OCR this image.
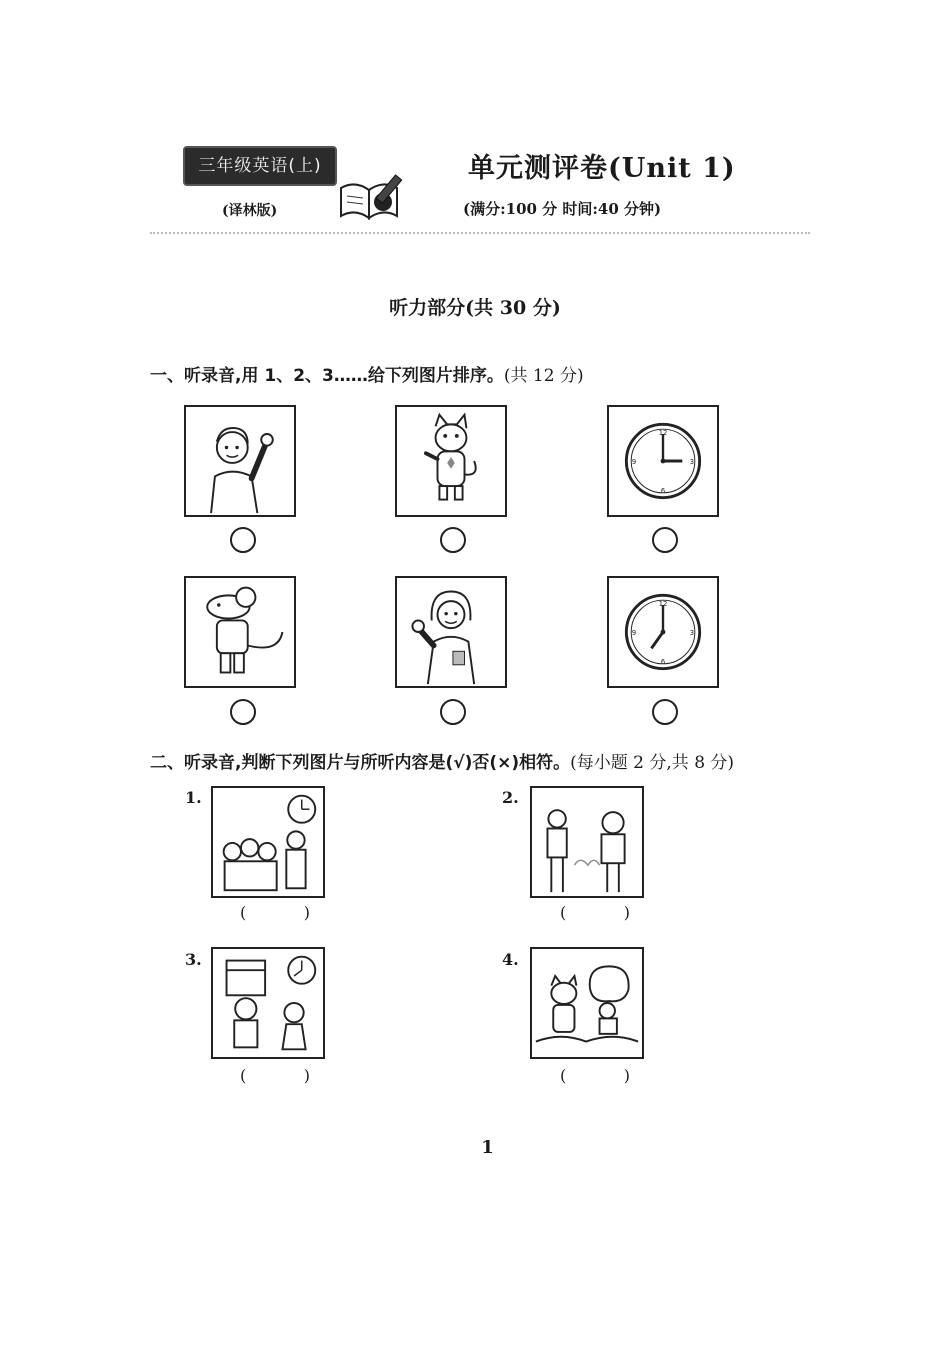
三年级英语(上)
(译林版)
单元测评卷(Unit 1)
(满分:100 分 时间:40 分钟)
听力部分(共 30 分)
一、听录音,用 1、2、3……给下列图片排序。(共 12 分)
12
3
6
9
12
3
6
9
二、听录音,判断下列图片与所听内容是(√)否(×)相符。(每小题 2 分,共 8 分)
1.
(	)
2.
(	)
3.
(	)
4.
(	)
1
